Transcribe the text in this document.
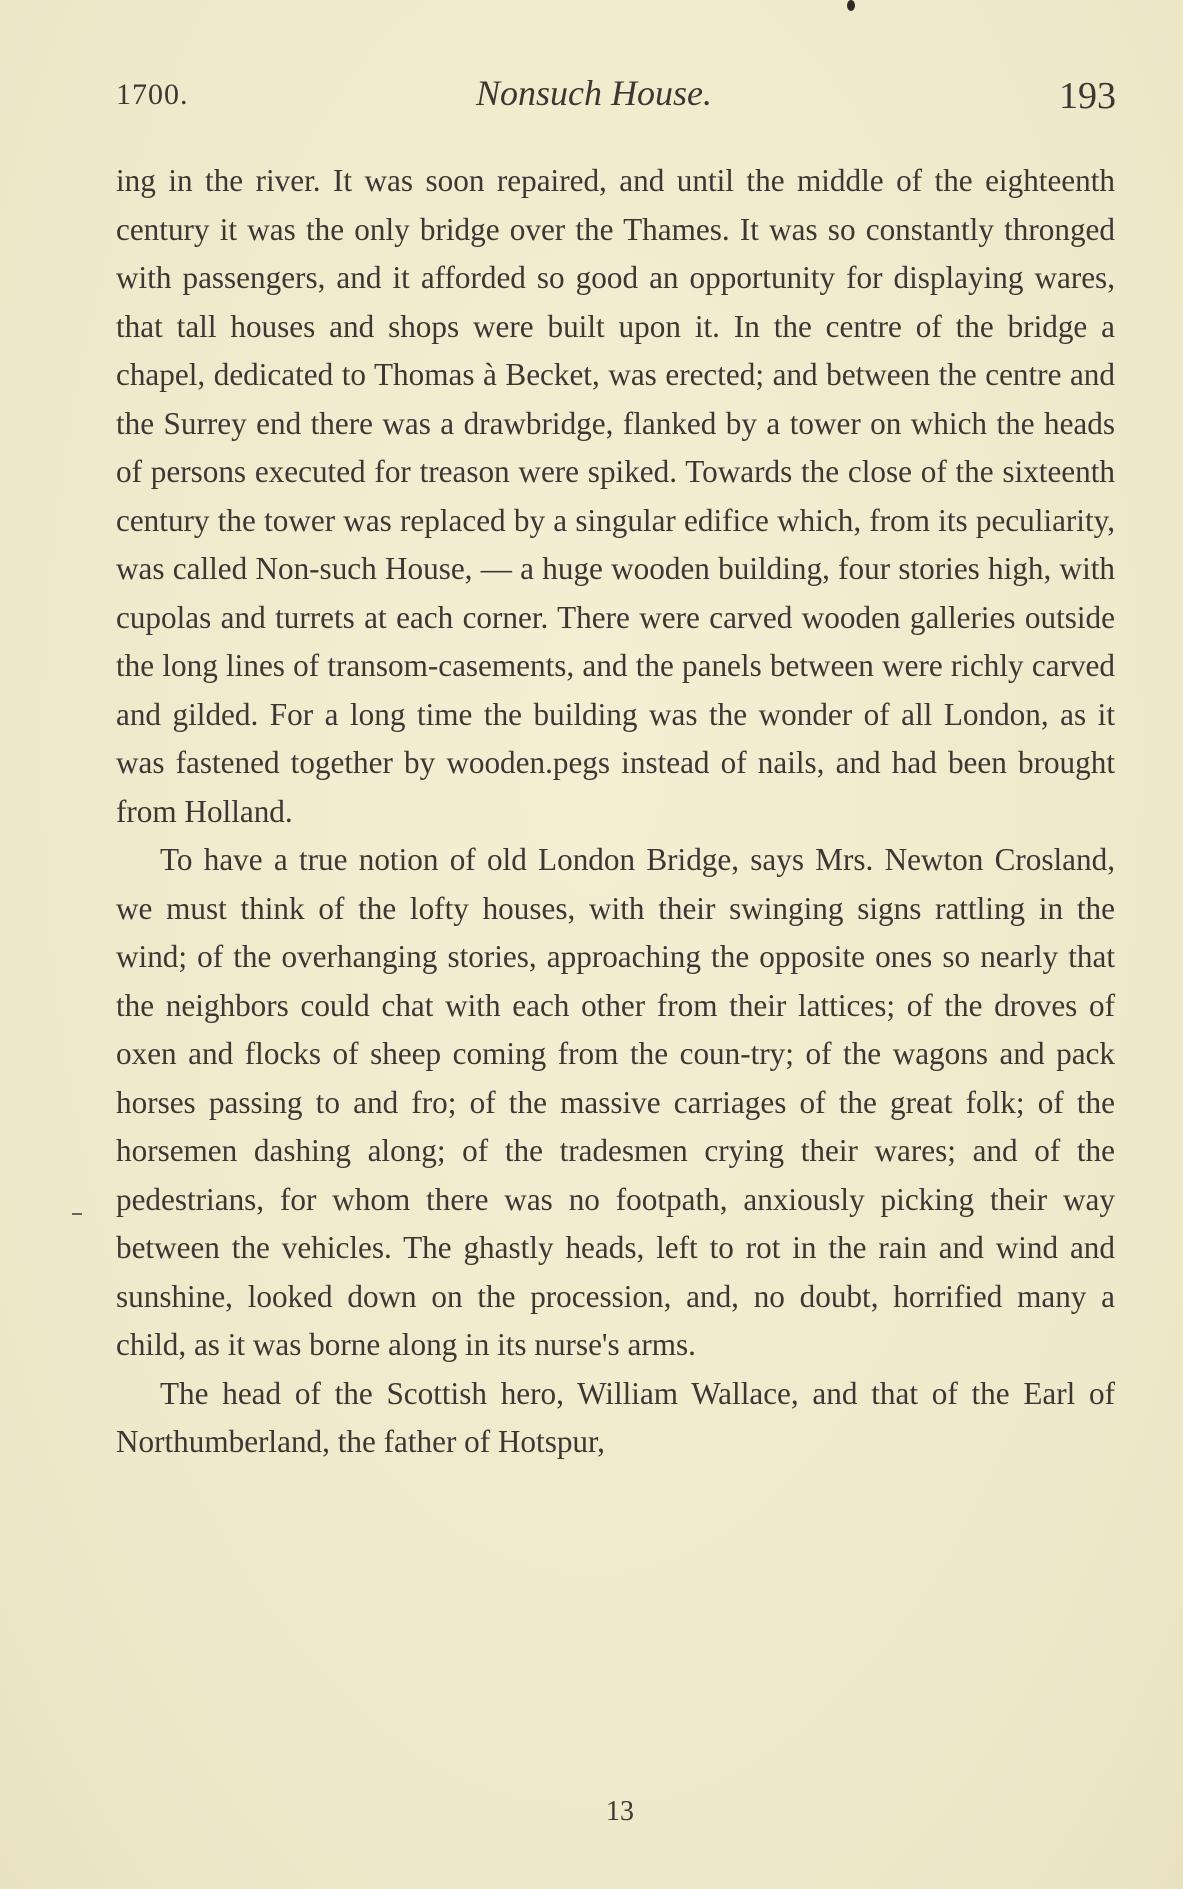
1700.	Nonsuch House.	193

ing in the river. It was soon repaired, and until the middle of the eighteenth century it was the only bridge over the Thames. It was so constantly thronged with passengers, and it afforded so good an opportunity for displaying wares, that tall houses and shops were built upon it. In the centre of the bridge a chapel, dedicated to Thomas à Becket, was erected; and between the centre and the Surrey end there was a drawbridge, flanked by a tower on which the heads of persons executed for treason were spiked. Towards the close of the sixteenth century the tower was replaced by a singular edifice which, from its peculiarity, was called Non-such House, — a huge wooden building, four stories high, with cupolas and turrets at each corner. There were carved wooden galleries outside the long lines of transom-casements, and the panels between were richly carved and gilded. For a long time the building was the wonder of all London, as it was fastened together by wooden.pegs instead of nails, and had been brought from Holland.

To have a true notion of old London Bridge, says Mrs. Newton Crosland, we must think of the lofty houses, with their swinging signs rattling in the wind; of the overhanging stories, approaching the opposite ones so nearly that the neighbors could chat with each other from their lattices; of the droves of oxen and flocks of sheep coming from the coun-try; of the wagons and pack horses passing to and fro; of the massive carriages of the great folk; of the horsemen dashing along; of the tradesmen crying their wares; and of the pedestrians, for whom there was no footpath, anxiously picking their way between the vehicles. The ghastly heads, left to rot in the rain and wind and sunshine, looked down on the procession, and, no doubt, horrified many a child, as it was borne along in its nurse's arms.

The head of the Scottish hero, William Wallace, and that of the Earl of Northumberland, the father of Hotspur,

13
